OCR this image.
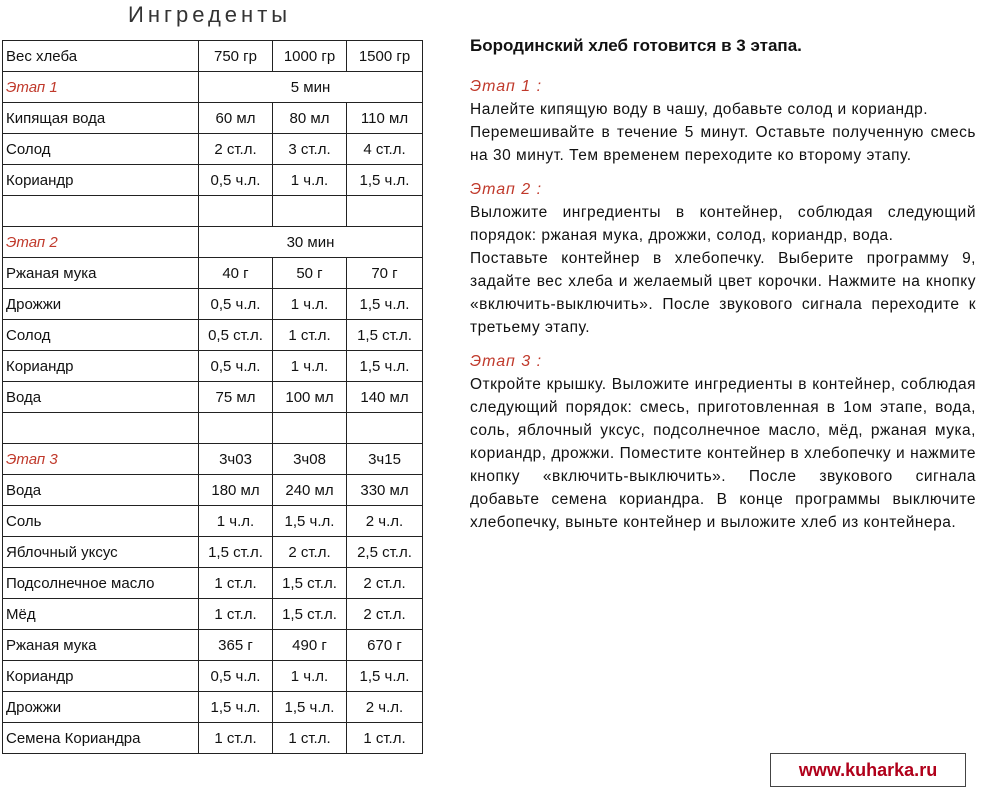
Ингреденты
Вес хлеба	750 гр	1000 гр	1500 гр
Этап 1	5 мин		
Кипящая вода	60 мл	80 мл	110 мл
Солод	2 ст.л.	3 ст.л.	4 ст.л.
Кориандр	0,5 ч.л.	1 ч.л.	1,5 ч.л.

Этап 2	30 мин		
Ржаная мука	40 г	50 г	70 г
Дрожжи	0,5 ч.л.	1 ч.л.	1,5 ч.л.
Солод	0,5 ст.л.	1 ст.л.	1,5 ст.л.
Кориандр	0,5 ч.л.	1 ч.л.	1,5 ч.л.
Вода	75 мл	100 мл	140 мл

Этап 3	3ч03	3ч08	3ч15
Вода	180 мл	240 мл	330 мл
Соль	1 ч.л.	1,5 ч.л.	2 ч.л.
Яблочный уксус	1,5 ст.л.	2 ст.л.	2,5 ст.л.
Подсолнечное масло	1 ст.л.	1,5 ст.л.	2 ст.л.
Мёд	1 ст.л.	1,5 ст.л.	2 ст.л.
Ржаная мука	365 г	490 г	670 г
Кориандр	0,5 ч.л.	1 ч.л.	1,5 ч.л.
Дрожжи	1,5 ч.л.	1,5 ч.л.	2 ч.л.
Семена Кориандра	1 ст.л.	1 ст.л.	1 ст.л.
Бородинский хлеб готовится в 3 этапа.
Этап 1 :
Налейте кипящую воду в чашу, добавьте солод и кориандр.
Перемешивайте в течение 5 минут. Оставьте полученную смесь на 30 минут. Тем временем переходите ко второму этапу.
Этап 2 :
Выложите ингредиенты в контейнер, соблюдая следующий порядок: ржаная мука, дрожжи, солод, кориандр, вода.
Поставьте контейнер в хлебопечку. Выберите программу 9, задайте вес хлеба и желаемый цвет корочки. Нажмите на кнопку «включить-выключить». После звукового сигнала переходите к третьему этапу.
Этап 3 :
Откройте крышку. Выложите ингредиенты в контейнер, соблюдая следующий порядок: смесь, приготовленная в 1ом этапе, вода, соль, яблочный уксус, подсолнечное масло, мёд, ржаная мука, кориандр, дрожжи. Поместите контейнер в хлебопечку и нажмите кнопку «включить-выключить». После звукового сигнала добавьте семена кориандра. В конце программы выключите хлебопечку, выньте контейнер и выложите хлеб из контейнера.
www.kuharka.ru
